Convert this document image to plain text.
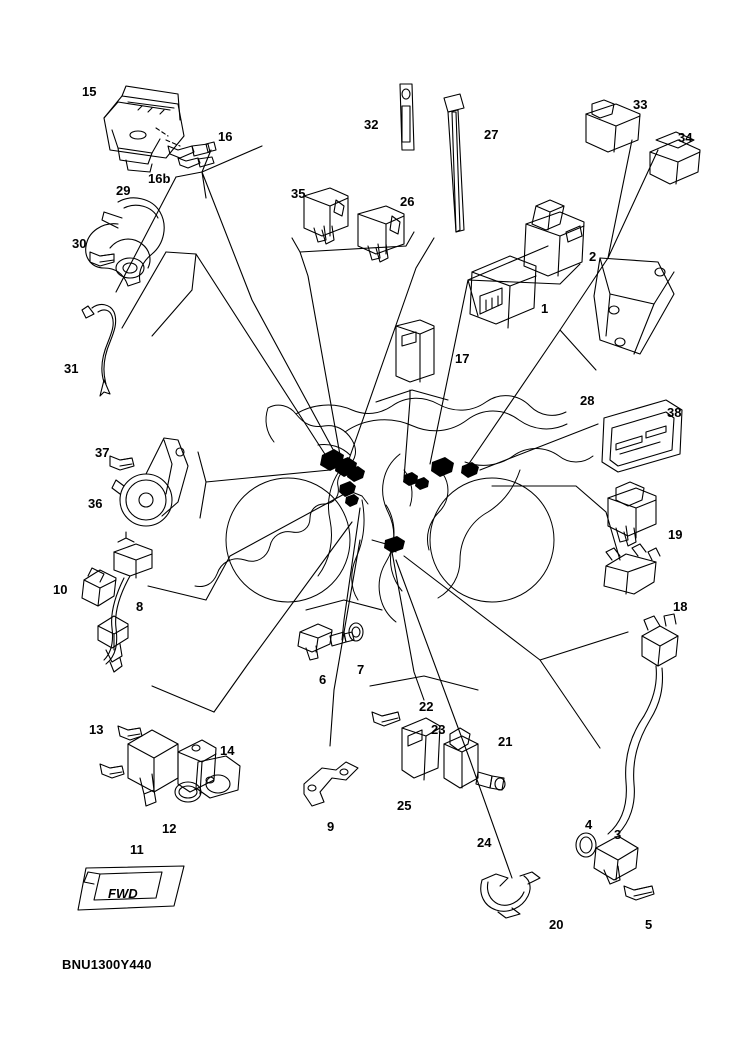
15
16
16b
29
30
31
35
26
32
27
33
34
2
1
28
17
38
19
18
37
36
10
8
6
7
13
14
12
11
9
22
23
21
25
24
20
4
3
5
FWD
BNU1300Y440
